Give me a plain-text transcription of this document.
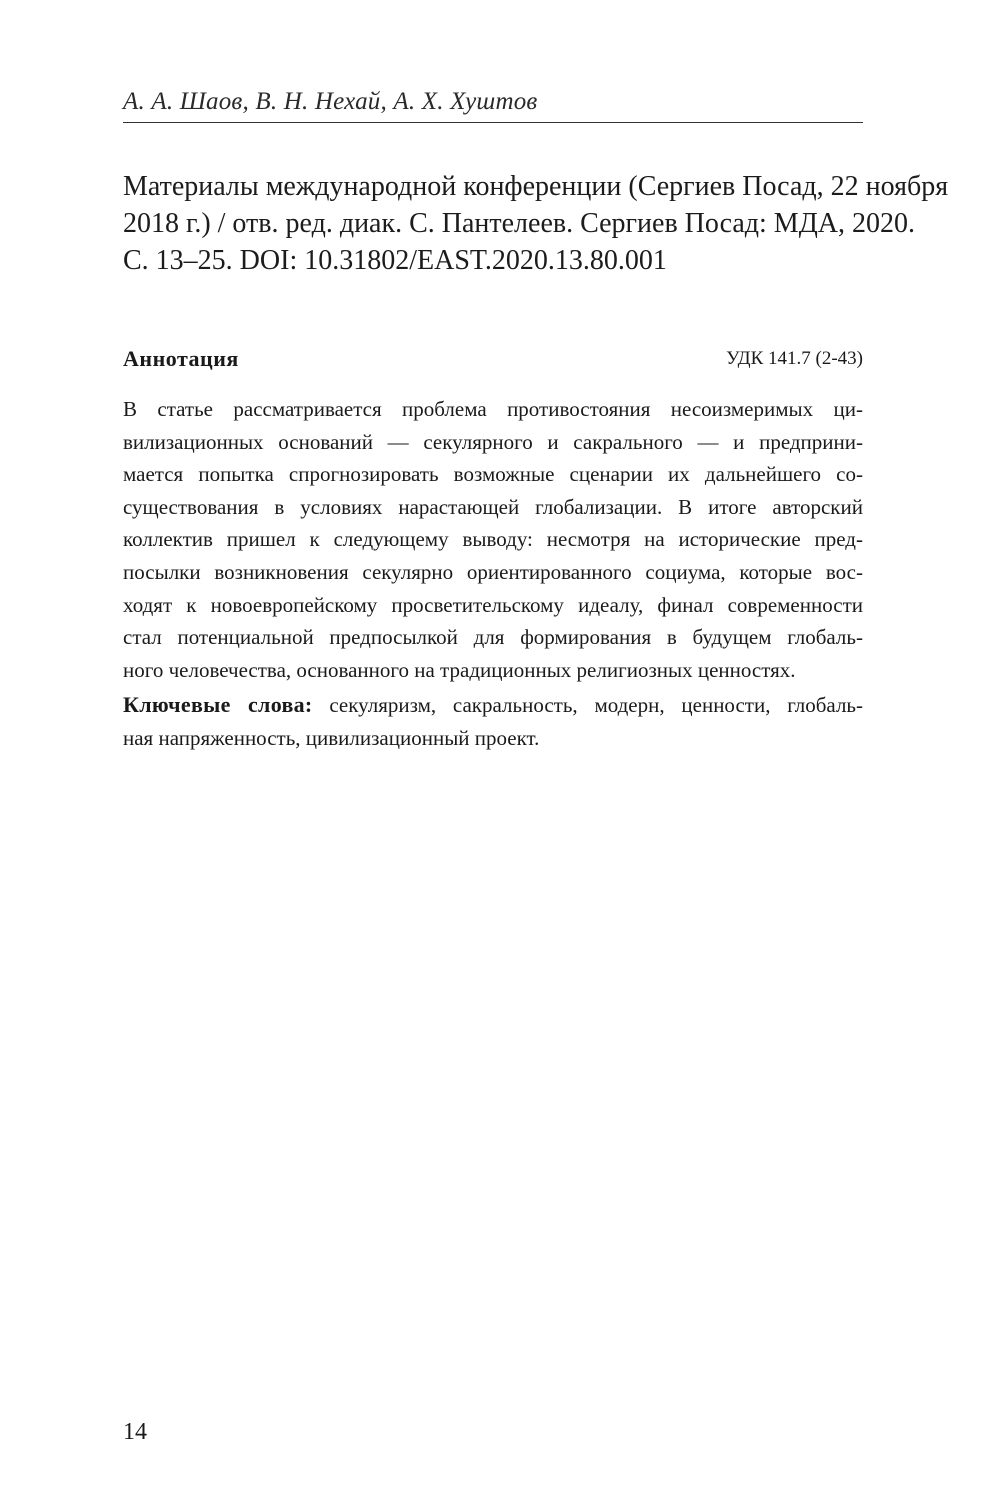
А. А. Шаов, В. Н. Нехай, А. Х. Хуштов
Материалы международной конференции (Сергиев Посад, 22 ноября
2018 г.) / отв. ред. диак. С. Пантелеев. Сергиев Посад: МДА, 2020.
С. 13–25. DOI: 10.31802/EAST.2020.13.80.001
Аннотация	УДК 141.7 (2-43)
В статье рассматривается проблема противостояния несоизмеримых ци-
вилизационных оснований — секулярного и сакрального — и предприни-
мается попытка спрогнозировать возможные сценарии их дальнейшего со-
существования в условиях нарастающей глобализации. В итоге авторский
коллектив пришел к следующему выводу: несмотря на исторические пред-
посылки возникновения секулярно ориентированного социума, которые вос-
ходят к новоевропейскому просветительскому идеалу, финал современности
стал потенциальной предпосылкой для формирования в будущем глобаль-
ного человечества, основанного на традиционных религиозных ценностях.
Ключевые слова: секуляризм, сакральность, модерн, ценности, глобаль-
ная напряженность, цивилизационный проект.
14
